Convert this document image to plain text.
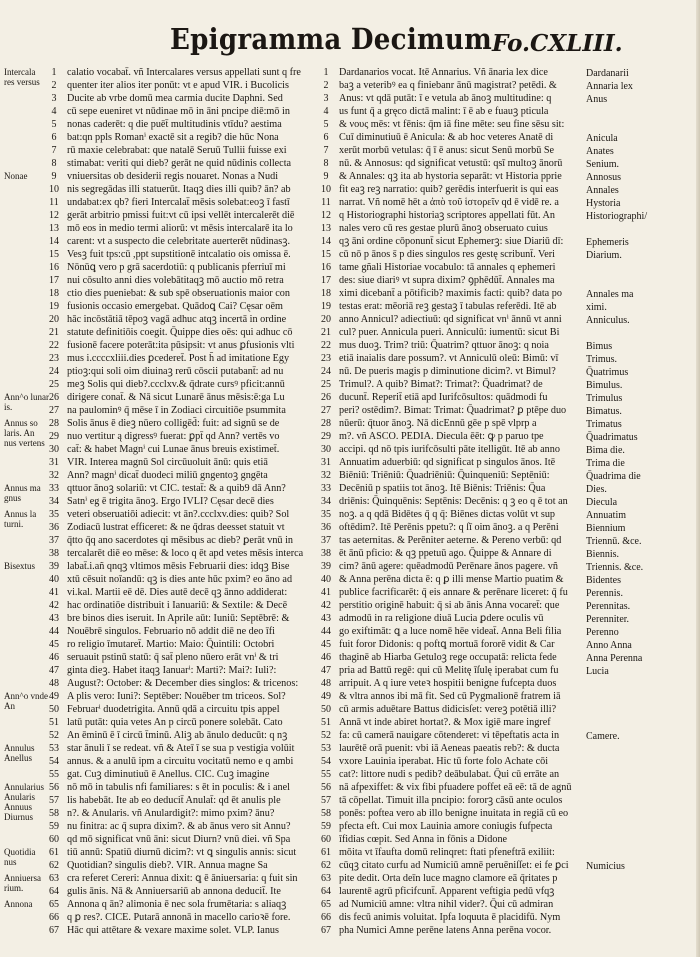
Epigramma Decimum Fo.CXLIII.
Intercala
res versus
Nonae
Ann^o lunar
is.
Annus so
laris. An
nus vertens
Annus ma
gnus
Annus la
turni.
Bisextus
Ann^o vnde
An
Annulus
Anellus
Annularius
Anularis
Annuus
Diurnus
Quotidia
nus
Anniuersa
rium.
Annona
1	calatio vocabat̄. vñ Intercalares versus appellati sunt q fre
2	quenter iter alios iter ponūt: vt e apud VIR. i Bucolicis
3	Ducite ab vrbe domū mea carmia ducite Daphni. Sed
4	cū sepe eueniret vt nūdinae mō in āni pncipe diē:mō in
5	nonas caderēt: q die puēt̄ multitudinis vtīdu? aestima
6	bat:qn ppls Romanⁱ exactē sit a regib? die hūc Nona
7	rū maxie celebrabat: que natalē Seruū Tullii fuisse exi
8	stimabat: veriti qui dieb? gerāt ne quid nūdinis collecta
9	vniuersitas ob desiderii regis nouaret. Nonas a Nudi
10 nis segregādas illi statuerūt. Itaqꝫ dies illi quib? ān? ab
11 undabat:ex qb? fieri Intercalat̄ mēsis solebat:eoꝫ ī fastī
12 gerāt arbitrio pmissi fuit:vt cū ipsi vellēt intercalerēt diē
13 mō eos in medio termi aliorū: vt mēsis intercalarē ita lo
14 carent: vt a suspecto die celebritate auerterēt nūdinasꝫ.
15 Vesꝫ fuit tps:cū ,ppt supstitionē intcalatio ois omissa ē.
16 Nōnūꝗ vero p grā sacerdotiū: q publicanis pferriuī mi
17 nui cōsulto anni dies volebātitaqꝫ mō auctio mō retra
18 ctio dies pueniebat: & sub spē obseruationis maior con
19 fusionis occasio emergebat. Quādoꝗ Cai? Cęsar oēm
20 hāc incōstātiā tēpoꝫ vagā adhuc atqꝫ incertā in ordine
21 statute definitiōis coegit. Q̄uippe dies oēs: qui adhuc cō
22 fusionē facere poterāt:ita pūsipsit: vt anus ꝑfusionis vlti
23 mus i.ccccxliii.dies ꝑcederet̄. Post h̄ ad imitatione Egy
24 ptioꝫ:qui soli oim diuinaꝫ rerū cōscii putabant̄: ad nu
25 meꝫ Solis qui dieb?.ccclxv.& q̄drate cursꝰ pficit:annū
26 dirigere conat̄. & Nā sicut Lunarē ānus mēsis:ē:ga Lu
27 na paulominꝰ q̄ mēse ī in Zodiaci circuitiōe psummita
28 Solis ānus ē dieꝫ nūero colligēd̄: fuit: ad signū se de
29 nuo vertitur ą digressꝰ fuerat: ꝑpt̄ qd Ann? vertēs vo
30 cat̄: & habet Magnⁱ cui Lunae ānus breuis existimet̄.
31 VIR. Interea magnū Sol circūuoluit ānū: quis etiā
32 Ann? magnⁱ dicat̄ duodeci miliū gngentoꝫ gngēta
33 qttuor ānoꝫ solariū: vt CIC. testat̄: & a quib9 dā Ann?
34 Satnⁱ eg ē trigita ānoꝫ. Ergo IVLI? Cęsar decē dies
35 veteri obseruatiōi adiecit: vt ān?.ccclxv.dies: quib? Sol
36 Zodiacū lustrat efficeret: & ne q̄dras deesset statuit vt
37 q̄tto q̄q ano sacerdotes qi mēsibus ac dieb? ꝑerāt vnū in
38 tercalarēt diē eo mēse: & loco q ēt apd vetes mēsis interca
39 labat̄.i.añ qnqꝫ vltimos mēsis Februarii dies: idqꝫ Bise
40 xtū cēsuit noīandū: qꝫ is dies ante hūc pxim? eo āno ad
41 vi.kal. Martii eē dē. Dies autē decē qꝫ ānno addiderat:
42 hac ordinatiōe distribuit i Ianuariū: & Sextile: & Decē
43 bre binos dies iseruit. In Aprile aūt: Iuniū: Septēbrē: &
44 Nouēbrē singulos. Februario nō addit diē ne deo īfi
45 ro religio īmutaret̄. Martio: Maio: Q̄uintili: Octobri
46 seruauit pstinū statū: q̄ sat̄ pleno nūero erāt vnⁱ & tri
47 ginta dieꝫ. Habet itaqꝫ Ianuarⁱ: Marti?: Mai?: Iuli?:
48 August?: October: & December dies singlos: & tricenos:
49 A plis vero: Iuni?: Septēber: Nouēber tm triceos. Sol?
50 Februarⁱ duodetrigita. Annū qdā a circuitu tpis appel
51 latū putāt: quia vetes An p circū ponere solebāt. Cato
52 An ēminū ē ī circū t̄minū. Aliꝫ ab ānulo deducūt: q nꝫ
53 star ānuli ī se redeat. vñ & Ateī ī se sua p vestigia volūit
54 annus. & a anulū ipm a circuitu vocitatū nemo e q ambi
55 gat. Cuꝫ diminutiuū ē Anellus. CIC. Cuꝫ imagine
56 nō mō in tabulis nfi familiares: s ēt in poculis: & i anel
57 lis habebāt. Ite ab eo deducit̄ Anulat̄: qd ēt anulis ple
58 n?. & Anularis. vñ Anulardigit?: mimo pxim? ānu?
59 nu finitra: ac q̄ supra dixim?. & ab ānus vero sit Annu?
60 qd mō significat vnū āni: sicut Diurn? vnū diei. vñ Spa
61 tiū annū: Spatiū diurnū dicim?: vt ꝗ singulis annis: sicut
62 Quotidian? singulis dieb?. VIR. Annua magne Sa
63 cra referet Cereri: Annua dixit: ꝗ ē āniuersaria: q fuit sin
64 gulis ānis. Nā & Anniuersariū ab annona deducit̄. Ite
65 Annona q ān? alimonia ē nec sola frumētaria: s aliaqꝫ
66 q ꝑ res?. CICE. Putarā annonā in macello carioꝛē fore.
67 Hāc qui attētare & vexare maxime solet. VLP. Ianus
1	Dardanarios vocat. Itē Annarius. Vñ ānaria lex dice
2	baꝫ a veteribꝰ ea q finiebanr ānū magistrat? petēdi. &
3	Anus: vt qdā putāt: ī e vetula ab ānoꝫ multitudine: q
4	us funt q̄ a gręco dictā malint: ī ē ab e fuauꝫ pticula
5	& νους mēs: vt fēnis: q̄m iā fine mēte: seu fine sēsu sit:
6	Cuī diminutiuū ē Anicula: & ab hoc veteres Anatē di
7	xerūt morbū vetulas: q̄ ī ē anus: sicut Senū morbū Se
8	nū. & Annosus: qd significat vetustū: qsī multoꝫ ānorū
9	& Annales: qꝫ ita ab hystoria separāt: vt Historia pprie
10 fit eaꝫ reꝫ narratio: quib? gerēdis interfuerit is qui eas
11 narrat. Vñ nomē hēt a ἀπὸ τοῦ ἱστορεῖν qd ē vidē re. a
12 q Historiographi historiaꝫ scriptores appellati fūt. An
13 nales vero cū res gestae plurū ānoꝫ obseruato cuius
14 qꝫ āni ordine cōponunt̄ sicut Ephemerꝫ: siue Diariū dī:
15 cū nō p ānos s̄ p dies singulos res gestę scribunt̄. Veri
16 tame gñali Historiae vocabulo: tā annales q ephemeri
17 des: siue diariꝰ vt supra dixim? ꝯphēdūt̄. Annales ma
18 ximi dicebant̄ a pōtificib? maximis facti: quib? data po
19 testas erat: mēoriā reꝫ gestaꝫ ī tabulas referēdi. Itē ab
20 anno Annicul? adiectiuū: qd significat vnⁱ ānnū vt anni
21 cul? puer. Annicula pueri. Anniculū: iumentū: sicut Bi
22 mus duoꝫ. Trim? triū: Q̄uatrim? qttuor ānoꝫ: q noia
23 etiā inaialis dare possum?. vt Anniculū oleū: Bimū: vī
24 nū. De pueris magis p diminutione dicim?. vt Bimul?
25 Trimul?. A quib? Bimat?: Trimat?: Q̄uadrimat? de
26 ducunt̄. Reperit̄ etiā apd Iurifcōsultos: quādmodi fu
27 peri? ostēdim?. Bimat: Trimat: Q̄uadrimat? ꝑ ptēpe duo
28 nūerū: q̄tuor ānoꝫ. Nā dicEnnū gēe p spē vlprp a
29 m?. vñ ASCO. PEDIA. Diecula ēēt: ꝙ p paruo tpe
30 accipi. qd nō tpis iurifcōsulti pāte itelligūt. Itē ab anno
31 Annuatim aduerbiū: qd significat p singulos ānos. Itē
32 Biēniū: Triēniū: Q̄uadriēniū: Q̄uinqueniū: Septēniū:
33 Decēniū p spatiis tot ānoꝫ. Itē Biēnis: Triēnis: Q̄ua
34 driēnis: Q̄uinquēnis: Septēnis: Decēnis: q ꝫ eo q ē tot an
35 noꝫ. a q qdā Bidētes q̄ q q̄: Biēnes dictas volūt vt sup
36 oftēdim?. Itē Perēnis ppetu?: q ſī oim ānoꝫ. a q Perēni
37 tas aeternitas. & Perēniter aeterne. & Pereno verbū: qd
38 ēt ānū pficio: & qꝫ ppetuū ago. Q̄uippe & Annare di
39 cim? ānū agere: quēadmodū Perēnare ānos pagere. vñ
40 & Anna perēna dicta ē: q ꝑ illi mense Martio puatim &
41 publice facrificarēt: q̄ eis annare & perēnare liceret: q̄ fu
42 perstitio originē habuit: q̄ si ab ānis Anna vocaret̄: que
43 admodū in ra religione diuā Lucia ꝑdere oculis vū
44 go exiftimāt: ꝗ a luce nomē hēe videat̄. Anna Beli filia
45 fuit foror Didonis: q poftꝗ mortuā fororē vidit & Car
46 thaginē ab Hiarba Getuloꝫ rege occupatā: relicta fede
47 pria ad Battū regē: qui cū Melitę īſulę iperabat cum fu
48 arripuit. A q iure veteꝛ hospitii benigne fufcepta duos
49 & vltra annos ibi mā fit. Sed cū Pygmalionē fratrem iā
50 cū armis aduētare Battus didicisſet: vereꝫ potētiā illi?
51 Annā vt inde abiret hortat?. & Mox igiē mare ingref
52 fa: cū camerā nauigare cōtenderet: vi tēpeftatis acta in
53 laurētē orā puenit: vbi iā Aeneas paeatis reb?: & ducta
54 vxore Lauinia iperabat. Hic tū forte folo Achate cōi
55 cat?: littore nudi s pedib? deābulabat. Q̄ui cū errāte an
56 nā afpexiffet: & vix fibi pfuadere poffet eā eē: tā de agnū
57 tā cōpellat. Timuit illa pncipio: fororꝫ cāsū ante oculos
58 ponēs: poftea vero ab illo benigne inuitata in regiā cū eo
59 pfecta eft. Cui mox Lauinia amore coniugis fufpecta
60 īfidias cœpit. Sed Anna in fōnis a Didone
61 mōita vt īfaufta domū relinqret: ftati pfeneftrā exiliit:
62 cūqꝫ citato curfu ad Numiciū amnē peruēniſſet: ei fe ꝑci
63 pite dedit. Orta deīn luce magno clamore eā q̄ritates p
64 laurentē agrū pficifcunt̄. Apparent veftigia pedū vfqꝫ
65 ad Numiciū amne: vltra nihil vider?. Q̄ui cū admiran
66 dis fecū animis voluitat. Ipfa loquuta ē placidifū. Nym
67 pha Numici Amne perēne latens Anna perēna vocor.
Dardanarii
Annaria lex
Anus
Anicula
Anates
Senium.
Annosus
Annales
Hystoria
Historiographi/
Ephemeris
Diarium.
Annales ma
ximi.
Anniculus.
Bimus
Trimus.
Q̄uatrimus
Bimulus.
Trimulus
Bimatus.
Trimatus
Q̄uadrimatus
Bima die.
Trima die
Q̄uadrima die
Dies.
Diecula
Annuatim
Biennium
Triennū. &ce.
Biennis.
Triennis. &ce.
Bidentes
Perennis.
Perennitas.
Perenniter.
Perenno
Anno Anna
Anna Perenna
Lucia
Camere.
Numicius
